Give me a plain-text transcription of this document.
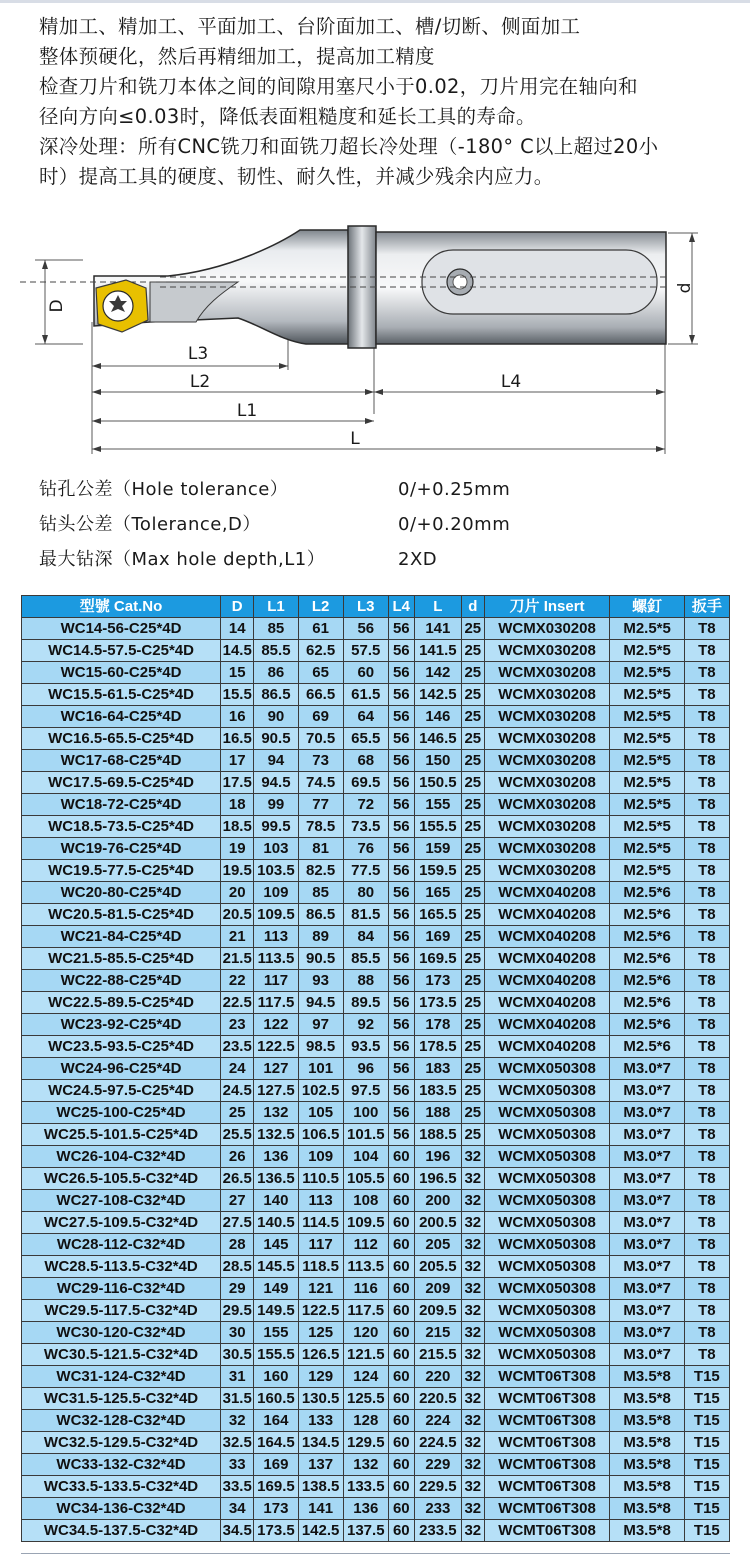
精加工、精加工、平面加工、台阶面加工、槽/切断、侧面加工
整体预硬化，然后再精细加工，提高加工精度
检查刀片和铣刀本体之间的间隙用塞尺小于0.02，刀片用完在轴向和
径向方向≤0.03时，降低表面粗糙度和延长工具的寿命。
深冷处理：所有CNC铣刀和面铣刀超长冷处理（-180° C以上超过20小
时）提高工具的硬度、韧性、耐久性，并减少残余内应力。
D
d
L3
L2	L4
L1
L
钻孔公差（Hole tolerance）	0/+0.25mm
钻头公差（Tolerance,D）	0/+0.20mm
最大钻深（Max hole depth,L1）	2XD
型號 Cat.No	D	L1	L2	L3	L4	L	d	刀片 Insert	螺釘	扳手
WC14-56-C25*4D	14	85	61	56	56	141	25	WCMX030208	M2.5*5	T8
WC14.5-57.5-C25*4D	14.5	85.5	62.5	57.5	56	141.5	25	WCMX030208	M2.5*5	T8
WC15-60-C25*4D	15	86	65	60	56	142	25	WCMX030208	M2.5*5	T8
WC15.5-61.5-C25*4D	15.5	86.5	66.5	61.5	56	142.5	25	WCMX030208	M2.5*5	T8
WC16-64-C25*4D	16	90	69	64	56	146	25	WCMX030208	M2.5*5	T8
WC16.5-65.5-C25*4D	16.5	90.5	70.5	65.5	56	146.5	25	WCMX030208	M2.5*5	T8
WC17-68-C25*4D	17	94	73	68	56	150	25	WCMX030208	M2.5*5	T8
WC17.5-69.5-C25*4D	17.5	94.5	74.5	69.5	56	150.5	25	WCMX030208	M2.5*5	T8
WC18-72-C25*4D	18	99	77	72	56	155	25	WCMX030208	M2.5*5	T8
WC18.5-73.5-C25*4D	18.5	99.5	78.5	73.5	56	155.5	25	WCMX030208	M2.5*5	T8
WC19-76-C25*4D	19	103	81	76	56	159	25	WCMX030208	M2.5*5	T8
WC19.5-77.5-C25*4D	19.5	103.5	82.5	77.5	56	159.5	25	WCMX030208	M2.5*5	T8
WC20-80-C25*4D	20	109	85	80	56	165	25	WCMX040208	M2.5*6	T8
WC20.5-81.5-C25*4D	20.5	109.5	86.5	81.5	56	165.5	25	WCMX040208	M2.5*6	T8
WC21-84-C25*4D	21	113	89	84	56	169	25	WCMX040208	M2.5*6	T8
WC21.5-85.5-C25*4D	21.5	113.5	90.5	85.5	56	169.5	25	WCMX040208	M2.5*6	T8
WC22-88-C25*4D	22	117	93	88	56	173	25	WCMX040208	M2.5*6	T8
WC22.5-89.5-C25*4D	22.5	117.5	94.5	89.5	56	173.5	25	WCMX040208	M2.5*6	T8
WC23-92-C25*4D	23	122	97	92	56	178	25	WCMX040208	M2.5*6	T8
WC23.5-93.5-C25*4D	23.5	122.5	98.5	93.5	56	178.5	25	WCMX040208	M2.5*6	T8
WC24-96-C25*4D	24	127	101	96	56	183	25	WCMX050308	M3.0*7	T8
WC24.5-97.5-C25*4D	24.5	127.5	102.5	97.5	56	183.5	25	WCMX050308	M3.0*7	T8
WC25-100-C25*4D	25	132	105	100	56	188	25	WCMX050308	M3.0*7	T8
WC25.5-101.5-C25*4D	25.5	132.5	106.5	101.5	56	188.5	25	WCMX050308	M3.0*7	T8
WC26-104-C32*4D	26	136	109	104	60	196	32	WCMX050308	M3.0*7	T8
WC26.5-105.5-C32*4D	26.5	136.5	110.5	105.5	60	196.5	32	WCMX050308	M3.0*7	T8
WC27-108-C32*4D	27	140	113	108	60	200	32	WCMX050308	M3.0*7	T8
WC27.5-109.5-C32*4D	27.5	140.5	114.5	109.5	60	200.5	32	WCMX050308	M3.0*7	T8
WC28-112-C32*4D	28	145	117	112	60	205	32	WCMX050308	M3.0*7	T8
WC28.5-113.5-C32*4D	28.5	145.5	118.5	113.5	60	205.5	32	WCMX050308	M3.0*7	T8
WC29-116-C32*4D	29	149	121	116	60	209	32	WCMX050308	M3.0*7	T8
WC29.5-117.5-C32*4D	29.5	149.5	122.5	117.5	60	209.5	32	WCMX050308	M3.0*7	T8
WC30-120-C32*4D	30	155	125	120	60	215	32	WCMX050308	M3.0*7	T8
WC30.5-121.5-C32*4D	30.5	155.5	126.5	121.5	60	215.5	32	WCMX050308	M3.0*7	T8
WC31-124-C32*4D	31	160	129	124	60	220	32	WCMT06T308	M3.5*8	T15
WC31.5-125.5-C32*4D	31.5	160.5	130.5	125.5	60	220.5	32	WCMT06T308	M3.5*8	T15
WC32-128-C32*4D	32	164	133	128	60	224	32	WCMT06T308	M3.5*8	T15
WC32.5-129.5-C32*4D	32.5	164.5	134.5	129.5	60	224.5	32	WCMT06T308	M3.5*8	T15
WC33-132-C32*4D	33	169	137	132	60	229	32	WCMT06T308	M3.5*8	T15
WC33.5-133.5-C32*4D	33.5	169.5	138.5	133.5	60	229.5	32	WCMT06T308	M3.5*8	T15
WC34-136-C32*4D	34	173	141	136	60	233	32	WCMT06T308	M3.5*8	T15
WC34.5-137.5-C32*4D	34.5	173.5	142.5	137.5	60	233.5	32	WCMT06T308	M3.5*8	T15
